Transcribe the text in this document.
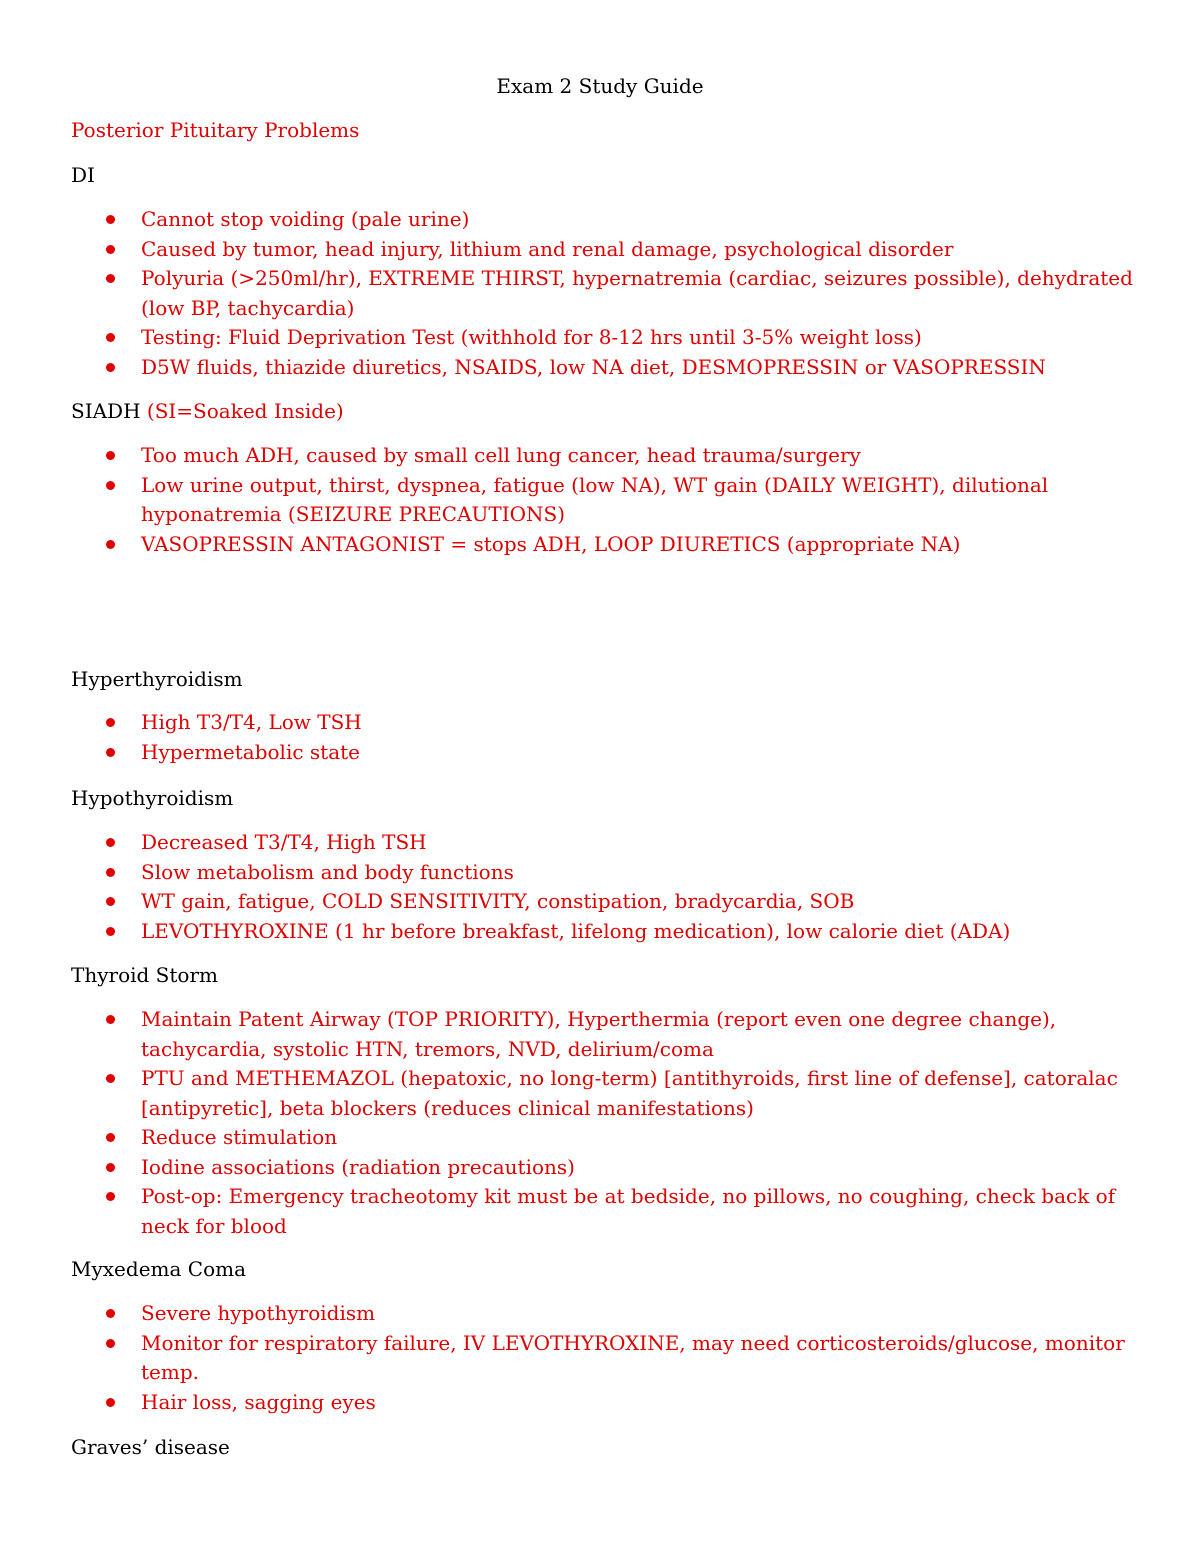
Exam 2 Study Guide
Posterior Pituitary Problems
DI
Cannot stop voiding (pale urine)
Caused by tumor, head injury, lithium and renal damage, psychological disorder
Polyuria (>250ml/hr), EXTREME THIRST, hypernatremia (cardiac, seizures possible), dehydrated (low BP, tachycardia)
Testing: Fluid Deprivation Test (withhold for 8-12 hrs until 3-5% weight loss)
D5W fluids, thiazide diuretics, NSAIDS, low NA diet, DESMOPRESSIN or VASOPRESSIN
SIADH (SI=Soaked Inside)
Too much ADH, caused by small cell lung cancer, head trauma/surgery
Low urine output, thirst, dyspnea, fatigue (low NA), WT gain (DAILY WEIGHT), dilutional hyponatremia (SEIZURE PRECAUTIONS)
VASOPRESSIN ANTAGONIST = stops ADH, LOOP DIURETICS (appropriate NA)
Hyperthyroidism
High T3/T4, Low TSH
Hypermetabolic state
Hypothyroidism
Decreased T3/T4, High TSH
Slow metabolism and body functions
WT gain, fatigue, COLD SENSITIVITY, constipation, bradycardia, SOB
LEVOTHYROXINE (1 hr before breakfast, lifelong medication), low calorie diet (ADA)
Thyroid Storm
Maintain Patent Airway (TOP PRIORITY), Hyperthermia (report even one degree change), tachycardia, systolic HTN, tremors, NVD, delirium/coma
PTU and METHEMAZOL (hepatoxic, no long-term) [antithyroids, first line of defense], catoralac [antipyretic], beta blockers (reduces clinical manifestations)
Reduce stimulation
Iodine associations (radiation precautions)
Post-op: Emergency tracheotomy kit must be at bedside, no pillows, no coughing, check back of neck for blood
Myxedema Coma
Severe hypothyroidism
Monitor for respiratory failure, IV LEVOTHYROXINE, may need corticosteroids/glucose, monitor temp.
Hair loss, sagging eyes
Graves’ disease
